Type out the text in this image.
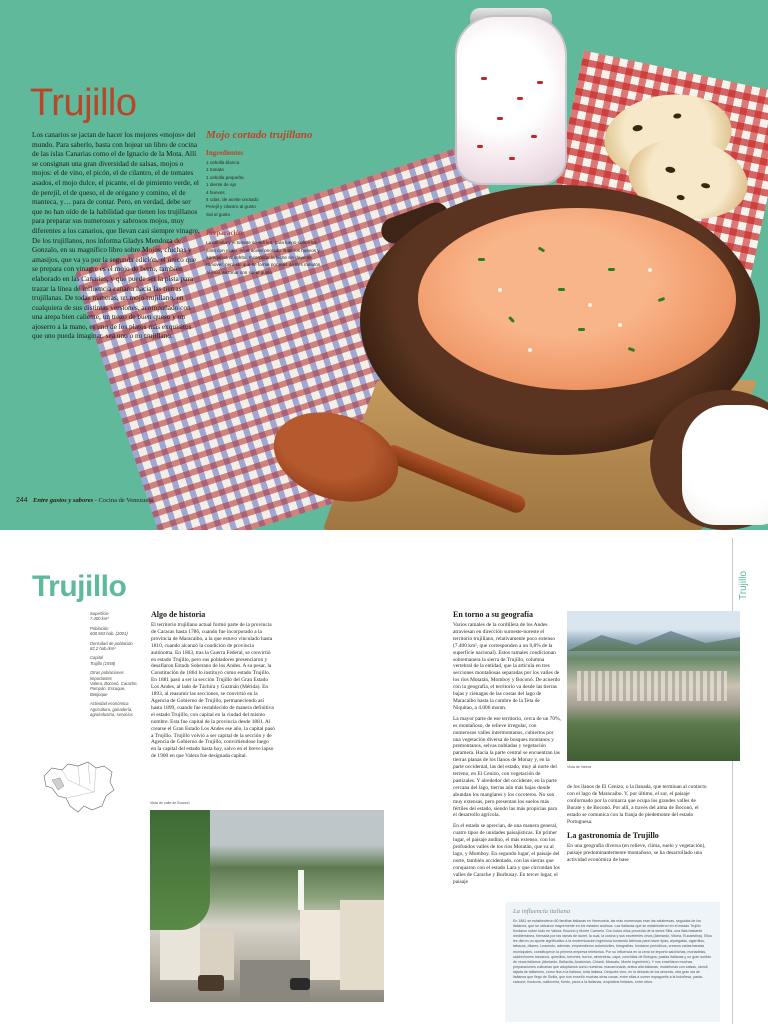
Trujillo

Los canarios se jactan de hacer los mejores «mojos» del mundo. Para saberlo, basta con hojear un libro de cocina de las islas Canarias como el de Ignacio de la Mota. Allí se consignan una gran diversidad de salsas, mojos o mojos: el de vino, el picón, el de cilantro, el de tomates asados, el mojo dulce, el picante, el de pimiento verde, el de perejil, el de queso, el de orégano y comino, el de manteca, y… para de contar. Pero, en verdad, debe ser que no han oído de la habilidad que tienen los trujillanos para preparar sus numerosos y sabrosos mojos, muy diferentes a los canarios, que llevan casi siempre vinagre. De los trujillanos, nos informa Gladys Mendoza de Gonzalo, en su magnífico libro sobre Mojos, chichas y amasijos, que va ya por la segunda edición, el único que se prepara con vinagre es el mojo de berro, también elaborado en las Canarias, y que puede ser la pista para trazar la línea de influencia canaria hacia las tierras trujillanas. De todas maneras, un mojo trujillano, en cualquiera de sus distintas versiones, acompañado con una arepa bien caliente, un trozo de buen queso y un ajoserro a la mano, es uno de los platos más exquisitos que uno pueda imaginar, sea uno o no trujillano.

Mojo cortado trujillano
Ingredientes
1 cebolla blanca
1 tomate
1 cebolla pequeña
1 diente de ajo
4 huevos
4 cdas. de aceite onotado
Perejil y cilantro al gusto
Sal al gusto
Preparación

La cebolla y el tomate se sofríen, para luego sofreírlos, junto con el ajo, en el aceite onotado. Batir los huevos y agregarlos al sofrito. Incorporar la leche sin dejar de remover, pero sin que se forme por más de tres minutos. Al final, sazonar con sal al gusto.

244 Entre gustos y sabores - Cocina de Venezuela
Trujillo	Trujillo
Superficie
7.400 km²
Población
608.563 hab. (2001)
Densidad de población
82,2 hab./km²
Capital
Trujillo (1558)
Otras poblaciones importantes
Valera, Boconó, Carache, Pampán, Escuque, Betijoque
Actividad económica
Agricultura, ganadería, agroindustria, servicios
Algo de historia

El territorio trujillano actual formó parte de la provincia de Caracas hasta 1786, cuando fue incorporado a la provincia de Maracaibo, a la que estuvo vinculado hasta 1810, cuando alcanzó la condición de provincia autónoma. En 1863, tras la Guerra Federal, se convirtió en estado Trujillo, pero sus pobladores presenciaron y desafiaron Estado Soberano de los Andes. A su pesar, la Constitución de 1864 lo instituyó como estado Trujillo. En 1881 pasó a ser la sección Trujillo del Gran Estado Los Andes, al lado de Táchira y Guzmán (Mérida). En 1893, al reasumir las secciones, se convirtió en la Agencia de Gobierno de Trujillo, permaneciendo así hasta 1899, cuando fue restablecido de manera definitiva el estado Trujillo, con capital en la ciudad del mismo nombre. Esta fue capital de la provincia desde 1881. Al crearse el Gran Estado Los Andes ese año, la capital pasó a Trujillo. Trujillo volvió a ser capital de la sección y de Agencia de Gobierno de Trujillo, convirtiéndose luego en la capital del estado hasta hoy, salvo en el breve lapso de 1900 en que Valera fue designada capital.

Vista de calle de Boconó
En torno a su geografía

Varios ramales de la cordillera de los Andes atraviesan en dirección suroeste-noreste el territorio trujillano, relativamente poco extenso (7.400 km², que corresponden a un 0,8% de la superficie nacional). Estos ramales condicionan sobremanera la sierra de Trujillo, columna vertebral de la entidad, que la articula en tres secciones montañosas separadas por los valles de los ríos Motatán, Momboy y Boconó. De acuerdo con la geografía, el territorio va desde las tierras bajas y ciénagas de las costas del lago de Maracaibo hasta la cumbre de la Teta de Niquitao, a 4.006 msnm.

La mayor parte de ese territorio, cerca de un 70%, es montañoso, de relieve irregular, con numerosos valles intermontanos, cubiertos por una vegetación diversa de bosques montanos y premontanos, selvas nubladas y vegetación paramera. Hacia la parte central se encuentran las tierras planas de los llanos de Monay y, en la parte occidental, las del estado, muy al norte del terreno, en El Cenizo, con vegetación de pastizales. Y alrededor del occidente, en la parte cercana del lago, tierras aún más bajas donde abundan los manglares y los cocoteros. No son muy extensas, pero presentan los suelos más fértiles del estado, siendo las más propicias para el desarrollo agrícola.

En el estado se aprecian, de una manera general, cuatro tipos de unidades paisajísticas. En primer lugar, el paisaje andino, el más extenso, con los profundos valles de los ríos Motatán, que va al lago, y Momboy. En segundo lugar, el paisaje del norte, también accidentado, con las sierras que conquaron con el estado Lara y que circundan los valles de Carache y Burbusay. En tercer lugar, el paisaje

Vista de Valera

de los llanos de El Cenizo, o la llanada, que terminan al contacto con el lago de Maracaibo. Y, por último, el sur, el paisaje conformado por la comarca que ocupa los grandes valles de Burate y de Boconó. Por allí, a través del alma de Boconó, el estado se comunica con la franja de piedemonte del estado Portuguesa.

La gastronomía de Trujillo

En una geografía diversa (en relieve, clima, suelo y vegetación), paisaje predominantemente montañoso, se ha desarrollado una actividad económica de base

La influencia italiana

En 1881 se establecieron 80 familias italianas en Venezuela, las más numerosas eran las calabresas, seguidas de los italianos, que se ubicaron mayormente en los estados andinos. Las italianas que se establecieron en el estado Trujillo fundaron sobre todo en Valera, Boconó y Monte Carmelo. Con todos ellos procedía de la sierra Silla, una lista bastante mediterránea, formada por las ramas de laurel, la cual, la cocina y sus excelentes vinos (Abelardo, Vitoria, Eucaristina). Ellos les dieron un aporte significativo a la modernización ingeniosa fundando fábricas para hacer lipas, alpargatas, cigarrillos, tabacos, hilares, Lnanesto, además, emprendieron automóviles, fotografías, fundaron periódicos, crearon varias bandas municipales, constituyeron la primera empresa telefónica. Por su influencia en la cena se importó salchichas, mortadelas, salchichones toscanos, quesillos, torrones, turrón, almendras, capa, conchitas de Bologna, pastas italianas y un gran surtido de vinos italianos (Abelardo, Bellavita, Anatonica, Chianti, Moscato, Monte Ingenforte). Y nos enseñaron muchas preparaciones culinarias que adoptamos como nuestras: macarronada, antica alla italianas, muslelonas con salsas, ravioli, tajada de talliarines, como fina a la italiana, torta italiana. Después vino, en la década de los sesenta, otra gran ola de italianos que llegó de Sicilia, que nos enseñó muchas otras cosas, entre ellas a comer espaguetis a la boloñesa, pasta, calzone, focaccia, rosticceria, fiordo, pizza a la italianas, exquisitos helados, entre otros.
